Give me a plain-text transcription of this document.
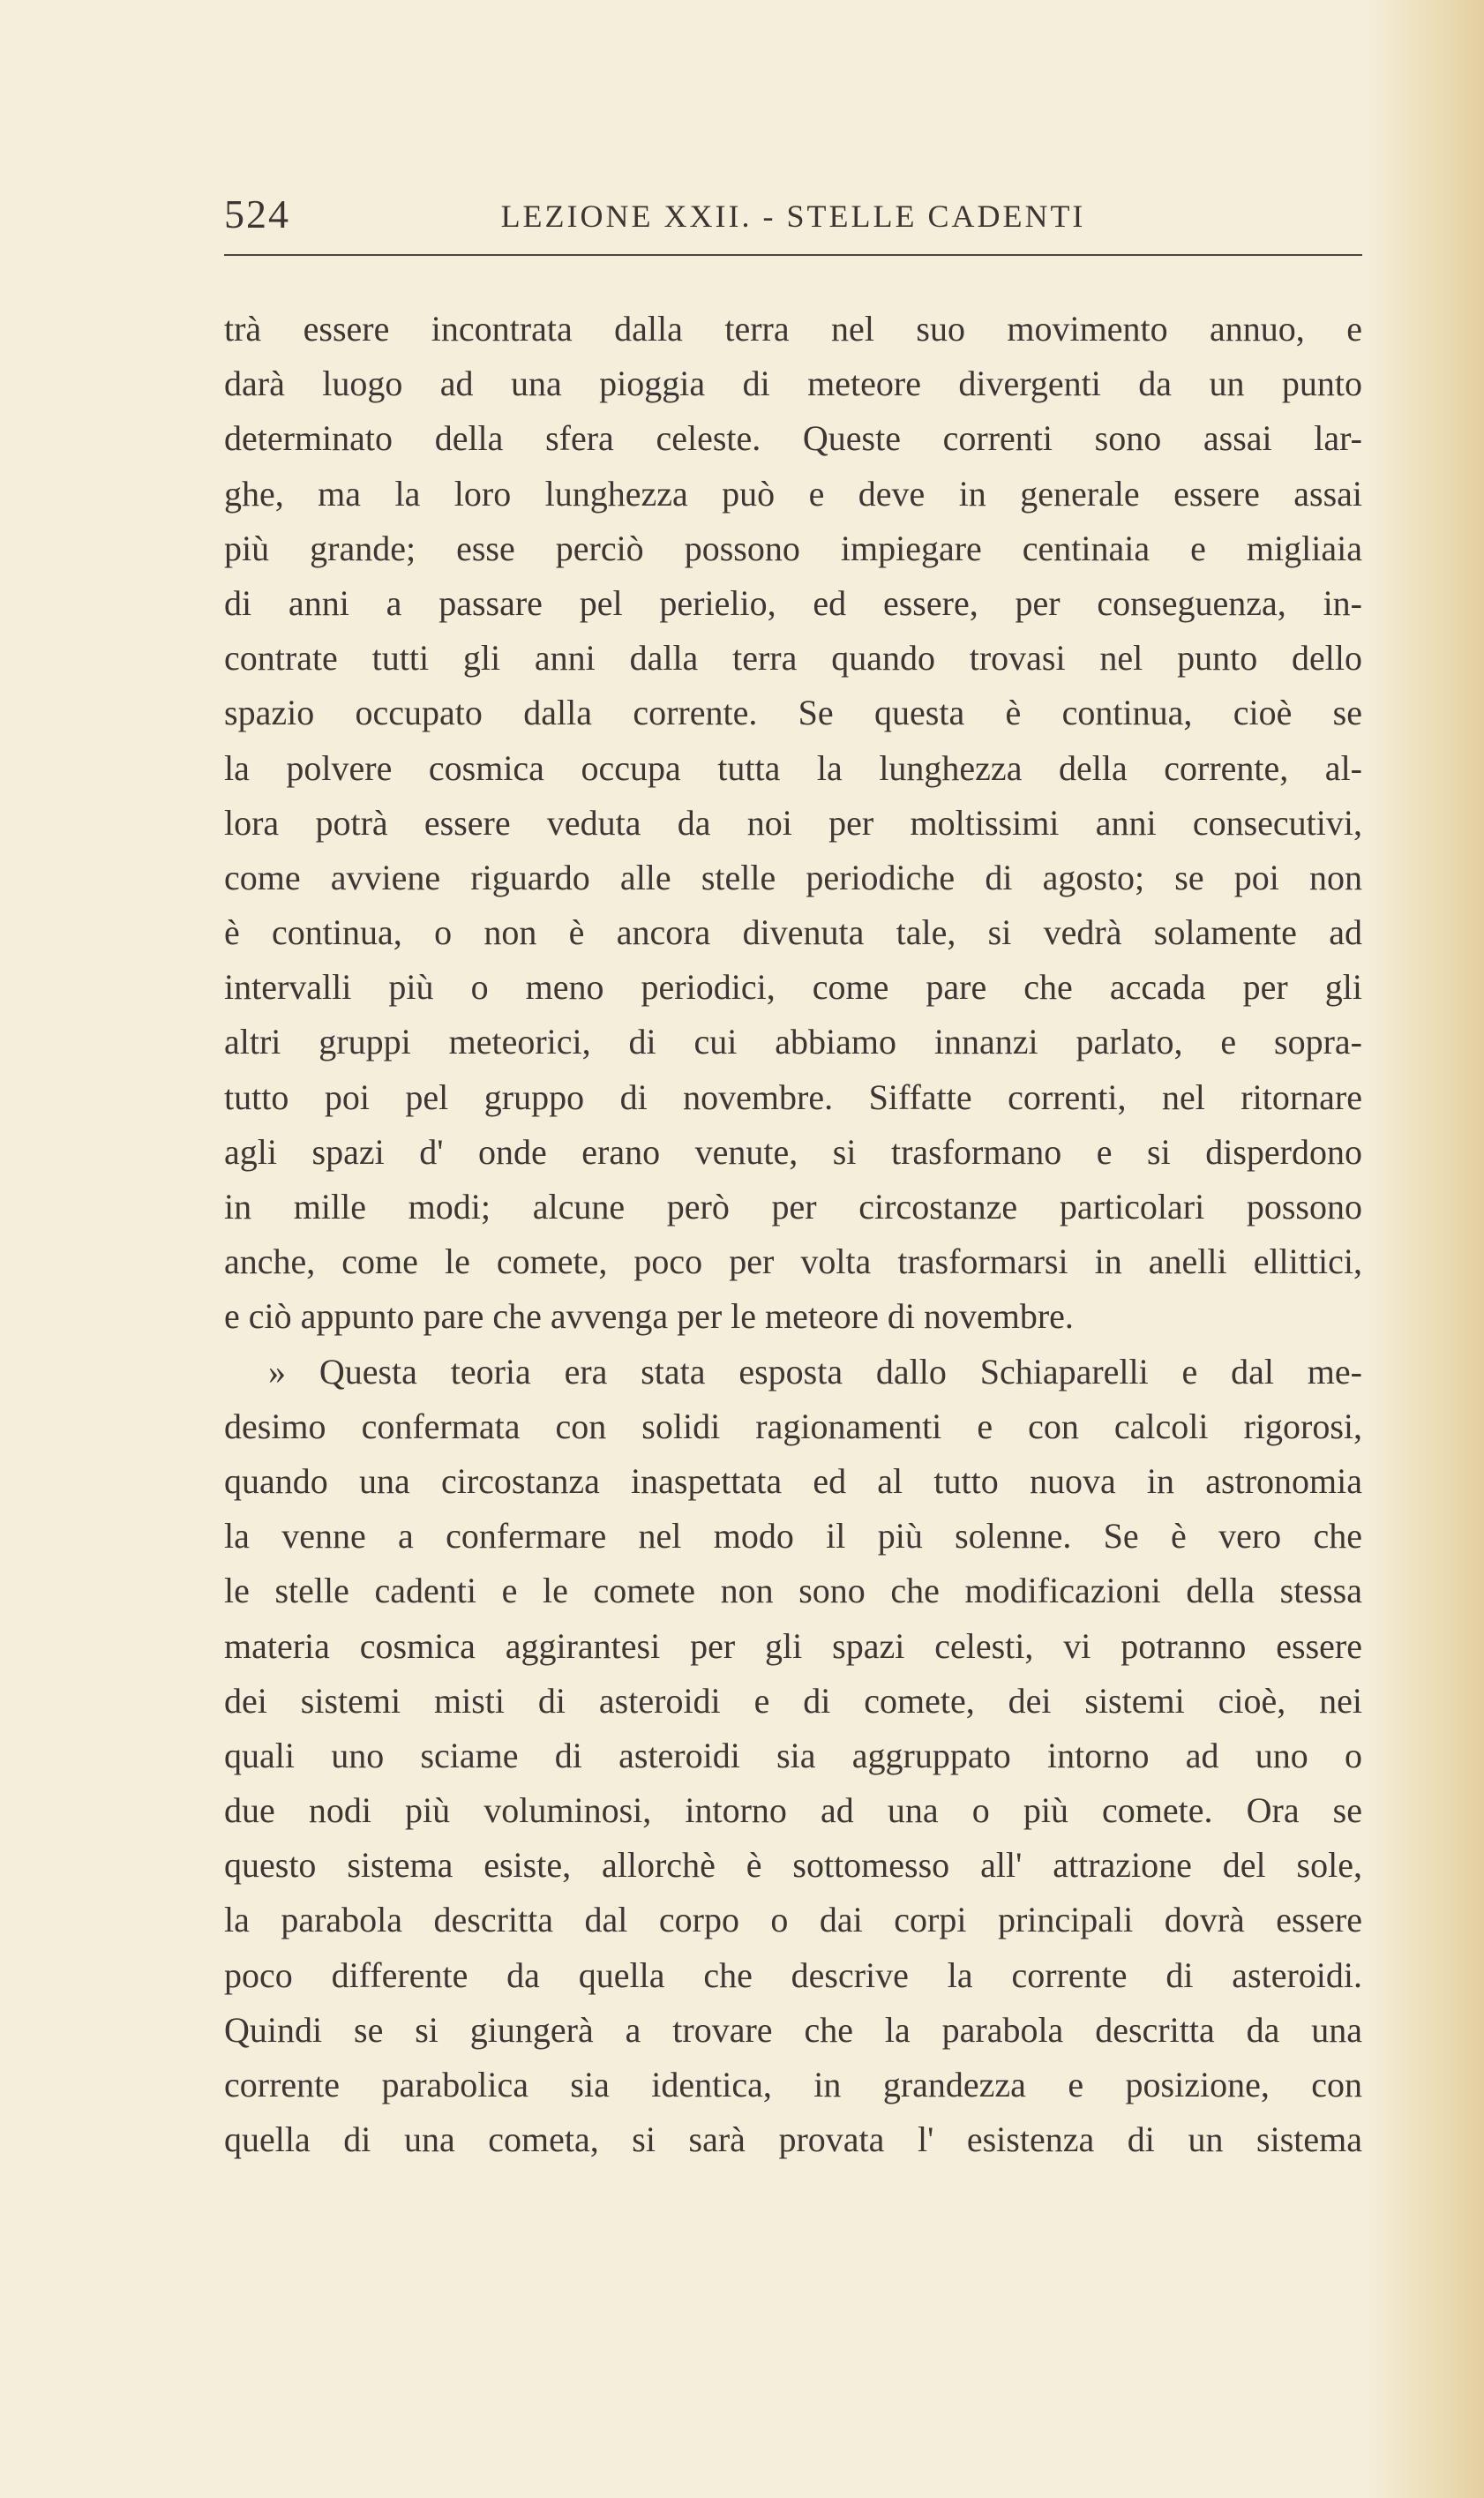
524	LEZIONE XXII. - STELLE CADENTI
trà essere incontrata dalla terra nel suo movimento annuo, e
darà luogo ad una pioggia di meteore divergenti da un punto
determinato della sfera celeste. Queste correnti sono assai lar-
ghe, ma la loro lunghezza può e deve in generale essere assai
più grande; esse perciò possono impiegare centinaia e migliaia
di anni a passare pel perielio, ed essere, per conseguenza, in-
contrate tutti gli anni dalla terra quando trovasi nel punto dello
spazio occupato dalla corrente. Se questa è continua, cioè se
la polvere cosmica occupa tutta la lunghezza della corrente, al-
lora potrà essere veduta da noi per moltissimi anni consecutivi,
come avviene riguardo alle stelle periodiche di agosto; se poi non
è continua, o non è ancora divenuta tale, si vedrà solamente ad
intervalli più o meno periodici, come pare che accada per gli
altri gruppi meteorici, di cui abbiamo innanzi parlato, e sopra-
tutto poi pel gruppo di novembre. Siffatte correnti, nel ritornare
agli spazi d' onde erano venute, si trasformano e si disperdono
in mille modi; alcune però per circostanze particolari possono
anche, come le comete, poco per volta trasformarsi in anelli ellittici,
e ciò appunto pare che avvenga per le meteore di novembre.
» Questa teoria era stata esposta dallo Schiaparelli e dal me-
desimo confermata con solidi ragionamenti e con calcoli rigorosi,
quando una circostanza inaspettata ed al tutto nuova in astronomia
la venne a confermare nel modo il più solenne. Se è vero che
le stelle cadenti e le comete non sono che modificazioni della stessa
materia cosmica aggirantesi per gli spazi celesti, vi potranno essere
dei sistemi misti di asteroidi e di comete, dei sistemi cioè, nei
quali uno sciame di asteroidi sia aggruppato intorno ad uno o
due nodi più voluminosi, intorno ad una o più comete. Ora se
questo sistema esiste, allorchè è sottomesso all' attrazione del sole,
la parabola descritta dal corpo o dai corpi principali dovrà essere
poco differente da quella che descrive la corrente di asteroidi.
Quindi se si giungerà a trovare che la parabola descritta da una
corrente parabolica sia identica, in grandezza e posizione, con
quella di una cometa, si sarà provata l' esistenza di un sistema
